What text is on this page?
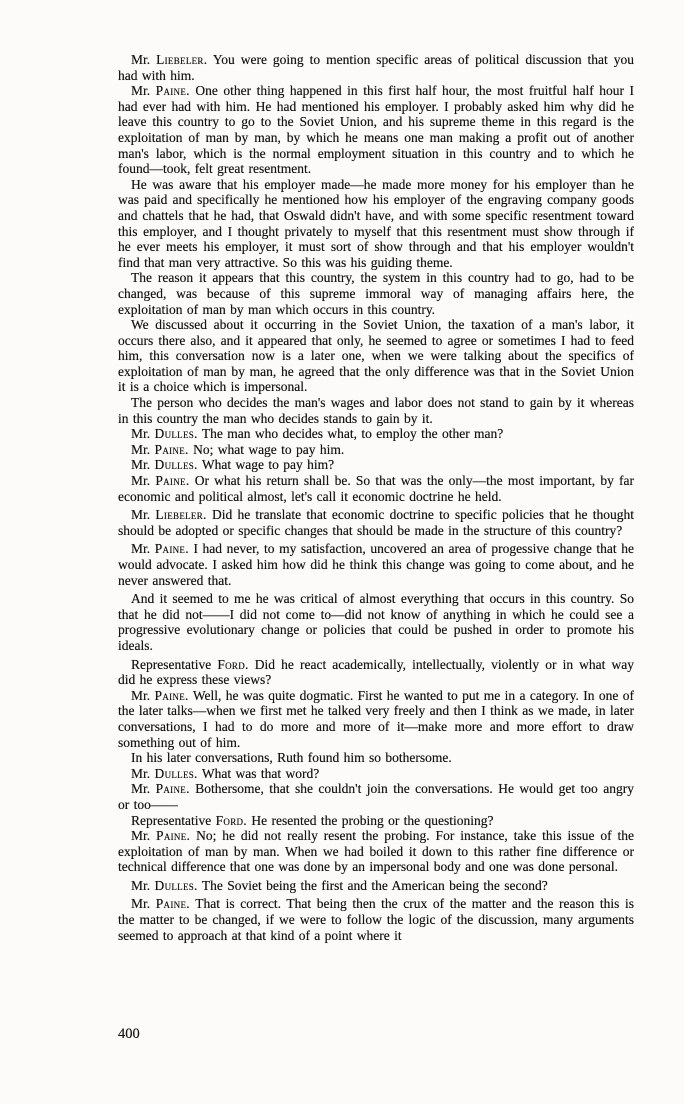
Mr. Liebeler. You were going to mention specific areas of political discussion that you had with him.

Mr. Paine. One other thing happened in this first half hour, the most fruitful half hour I had ever had with him. He had mentioned his employer. I probably asked him why did he leave this country to go to the Soviet Union, and his supreme theme in this regard is the exploitation of man by man, by which he means one man making a profit out of another man's labor, which is the normal employment situation in this country and to which he found—took, felt great resentment.

He was aware that his employer made—he made more money for his employer than he was paid and specifically he mentioned how his employer of the engraving company goods and chattels that he had, that Oswald didn't have, and with some specific resentment toward this employer, and I thought privately to myself that this resentment must show through if he ever meets his employer, it must sort of show through and that his employer wouldn't find that man very attractive. So this was his guiding theme.

The reason it appears that this country, the system in this country had to go, had to be changed, was because of this supreme immoral way of managing affairs here, the exploitation of man by man which occurs in this country.

We discussed about it occurring in the Soviet Union, the taxation of a man's labor, it occurs there also, and it appeared that only, he seemed to agree or sometimes I had to feed him, this conversation now is a later one, when we were talking about the specifics of exploitation of man by man, he agreed that the only difference was that in the Soviet Union it is a choice which is impersonal.

The person who decides the man's wages and labor does not stand to gain by it whereas in this country the man who decides stands to gain by it.

Mr. Dulles. The man who decides what, to employ the other man?

Mr. Paine. No; what wage to pay him.

Mr. Dulles. What wage to pay him?

Mr. Paine. Or what his return shall be. So that was the only—the most important, by far economic and political almost, let's call it economic doctrine he held.

Mr. Liebeler. Did he translate that economic doctrine to specific policies that he thought should be adopted or specific changes that should be made in the structure of this country?

Mr. Paine. I had never, to my satisfaction, uncovered an area of progessive change that he would advocate. I asked him how did he think this change was going to come about, and he never answered that.

And it seemed to me he was critical of almost everything that occurs in this country. So that he did not——I did not come to—did not know of anything in which he could see a progressive evolutionary change or policies that could be pushed in order to promote his ideals.

Representative Ford. Did he react academically, intellectually, violently or in what way did he express these views?

Mr. Paine. Well, he was quite dogmatic. First he wanted to put me in a category. In one of the later talks—when we first met he talked very freely and then I think as we made, in later conversations, I had to do more and more of it—make more and more effort to draw something out of him.

In his later conversations, Ruth found him so bothersome.

Mr. Dulles. What was that word?

Mr. Paine. Bothersome, that she couldn't join the conversations. He would get too angry or too——

Representative Ford. He resented the probing or the questioning?

Mr. Paine. No; he did not really resent the probing. For instance, take this issue of the exploitation of man by man. When we had boiled it down to this rather fine difference or technical difference that one was done by an impersonal body and one was done personal.

Mr. Dulles. The Soviet being the first and the American being the second?

Mr. Paine. That is correct. That being then the crux of the matter and the reason this is the matter to be changed, if we were to follow the logic of the discussion, many arguments seemed to approach at that kind of a point where it

400
